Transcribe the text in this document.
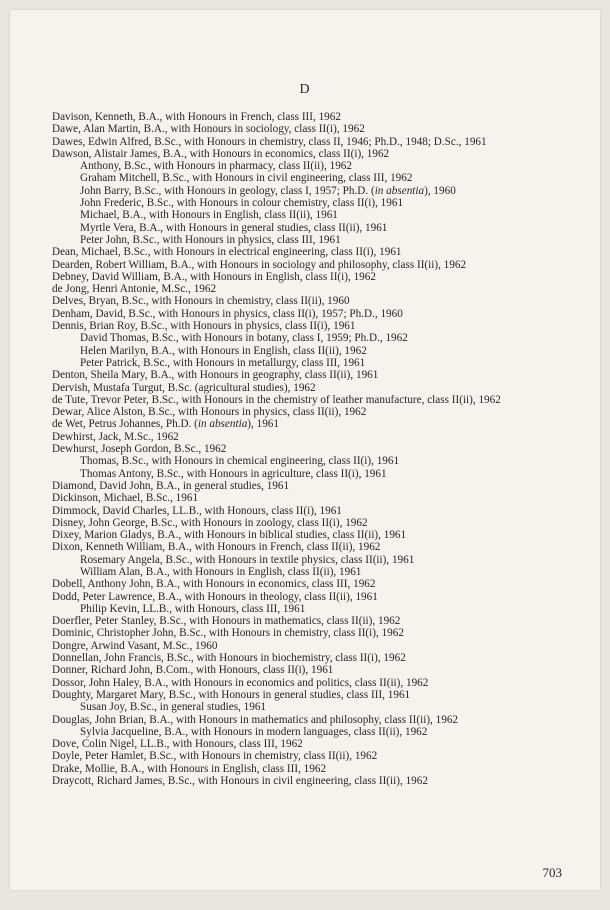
D

Davison, Kenneth, B.A., with Honours in French, class III, 1962

Dawe, Alan Martin, B.A., with Honours in sociology, class II(i), 1962

Dawes, Edwin Alfred, B.Sc., with Honours in chemistry, class II, 1946; Ph.D., 1948; D.Sc., 1961

Dawson, Alistair James, B.A., with Honours in economics, class II(i), 1962

Anthony, B.Sc., with Honours in pharmacy, class II(ii), 1962

Graham Mitchell, B.Sc., with Honours in civil engineering, class III, 1962

John Barry, B.Sc., with Honours in geology, class I, 1957; Ph.D. (in absentia), 1960

John Frederic, B.Sc., with Honours in colour chemistry, class II(i), 1961

Michael, B.A., with Honours in English, class II(ii), 1961

Myrtle Vera, B.A., with Honours in general studies, class II(ii), 1961

Peter John, B.Sc., with Honours in physics, class III, 1961

Dean, Michael, B.Sc., with Honours in electrical engineering, class II(i), 1961

Dearden, Robert William, B.A., with Honours in sociology and philosophy, class II(ii), 1962

Debney, David William, B.A., with Honours in English, class II(i), 1962

de Jong, Henri Antonie, M.Sc., 1962

Delves, Bryan, B.Sc., with Honours in chemistry, class II(ii), 1960

Denham, David, B.Sc., with Honours in physics, class II(i), 1957; Ph.D., 1960

Dennis, Brian Roy, B.Sc., with Honours in physics, class II(i), 1961

David Thomas, B.Sc., with Honours in botany, class I, 1959; Ph.D., 1962

Helen Marilyn, B.A., with Honours in English, class II(ii), 1962

Peter Patrick, B.Sc., with Honours in metallurgy, class III, 1961

Denton, Sheila Mary, B.A., with Honours in geography, class II(ii), 1961

Dervish, Mustafa Turgut, B.Sc. (agricultural studies), 1962

de Tute, Trevor Peter, B.Sc., with Honours in the chemistry of leather manufacture, class II(ii), 1962

Dewar, Alice Alston, B.Sc., with Honours in physics, class II(ii), 1962

de Wet, Petrus Johannes, Ph.D. (in absentia), 1961

Dewhirst, Jack, M.Sc., 1962

Dewhurst, Joseph Gordon, B.Sc., 1962

Thomas, B.Sc., with Honours in chemical engineering, class II(i), 1961

Thomas Antony, B.Sc., with Honours in agriculture, class II(i), 1961

Diamond, David John, B.A., in general studies, 1961

Dickinson, Michael, B.Sc., 1961

Dimmock, David Charles, LL.B., with Honours, class II(i), 1961

Disney, John George, B.Sc., with Honours in zoology, class II(i), 1962

Dixey, Marion Gladys, B.A., with Honours in biblical studies, class II(ii), 1961

Dixon, Kenneth William, B.A., with Honours in French, class II(ii), 1962

Rosemary Angela, B.Sc., with Honours in textile physics, class II(ii), 1961

William Alan, B.A., with Honours in English, class II(ii), 1961

Dobell, Anthony John, B.A., with Honours in economics, class III, 1962

Dodd, Peter Lawrence, B.A., with Honours in theology, class II(ii), 1961

Philip Kevin, LL.B., with Honours, class III, 1961

Doerfler, Peter Stanley, B.Sc., with Honours in mathematics, class II(ii), 1962

Dominic, Christopher John, B.Sc., with Honours in chemistry, class II(i), 1962

Dongre, Arwind Vasant, M.Sc., 1960

Donnellan, John Francis, B.Sc., with Honours in biochemistry, class II(i), 1962

Donner, Richard John, B.Com., with Honours, class II(i), 1961

Dossor, John Haley, B.A., with Honours in economics and politics, class II(ii), 1962

Doughty, Margaret Mary, B.Sc., with Honours in general studies, class III, 1961

Susan Joy, B.Sc., in general studies, 1961

Douglas, John Brian, B.A., with Honours in mathematics and philosophy, class II(ii), 1962

Sylvia Jacqueline, B.A., with Honours in modern languages, class II(ii), 1962

Dove, Colin Nigel, LL.B., with Honours, class III, 1962

Doyle, Peter Hamlet, B.Sc., with Honours in chemistry, class II(ii), 1962

Drake, Mollie, B.A., with Honours in English, class III, 1962

Draycott, Richard James, B.Sc., with Honours in civil engineering, class II(ii), 1962

703
